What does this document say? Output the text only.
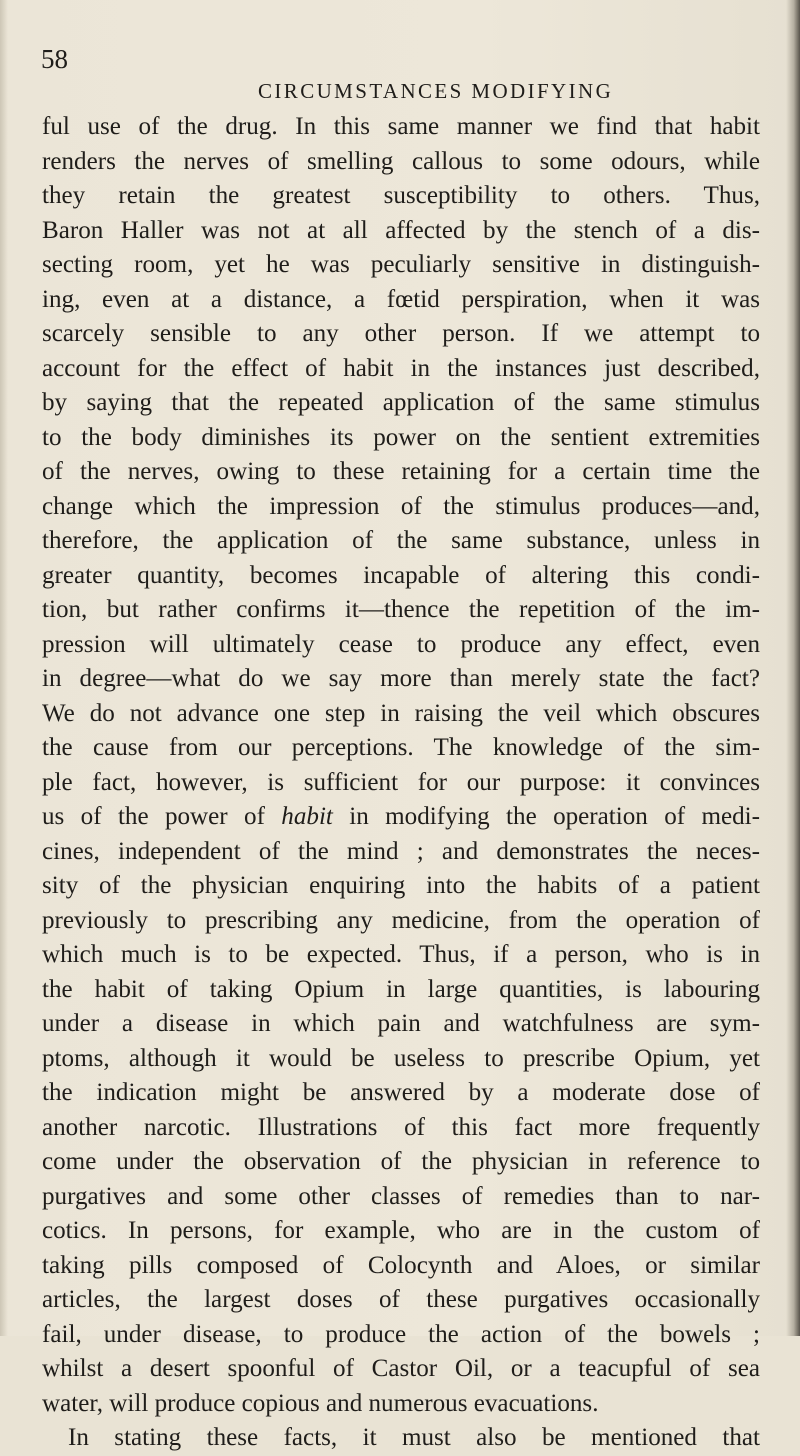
58
CIRCUMSTANCES MODIFYING
ful use of the drug. In this same manner we find that habit
renders the nerves of smelling callous to some odours, while
they retain the greatest susceptibility to others. Thus,
Baron Haller was not at all affected by the stench of a dis-
secting room, yet he was peculiarly sensitive in distinguish-
ing, even at a distance, a fœtid perspiration, when it was
scarcely sensible to any other person. If we attempt to
account for the effect of habit in the instances just described,
by saying that the repeated application of the same stimulus
to the body diminishes its power on the sentient extremities
of the nerves, owing to these retaining for a certain time the
change which the impression of the stimulus produces—and,
therefore, the application of the same substance, unless in
greater quantity, becomes incapable of altering this condi-
tion, but rather confirms it—thence the repetition of the im-
pression will ultimately cease to produce any effect, even
in degree—what do we say more than merely state the fact?
We do not advance one step in raising the veil which obscures
the cause from our perceptions. The knowledge of the sim-
ple fact, however, is sufficient for our purpose: it convinces
us of the power of habit in modifying the operation of medi-
cines, independent of the mind ; and demonstrates the neces-
sity of the physician enquiring into the habits of a patient
previously to prescribing any medicine, from the operation of
which much is to be expected. Thus, if a person, who is in
the habit of taking Opium in large quantities, is labouring
under a disease in which pain and watchfulness are sym-
ptoms, although it would be useless to prescribe Opium, yet
the indication might be answered by a moderate dose of
another narcotic. Illustrations of this fact more frequently
come under the observation of the physician in reference to
purgatives and some other classes of remedies than to nar-
cotics. In persons, for example, who are in the custom of
taking pills composed of Colocynth and Aloes, or similar
articles, the largest doses of these purgatives occasionally
fail, under disease, to produce the action of the bowels ;
whilst a desert spoonful of Castor Oil, or a teacupful of sea
water, will produce copious and numerous evacuations.
In stating these facts, it must also be mentioned that
